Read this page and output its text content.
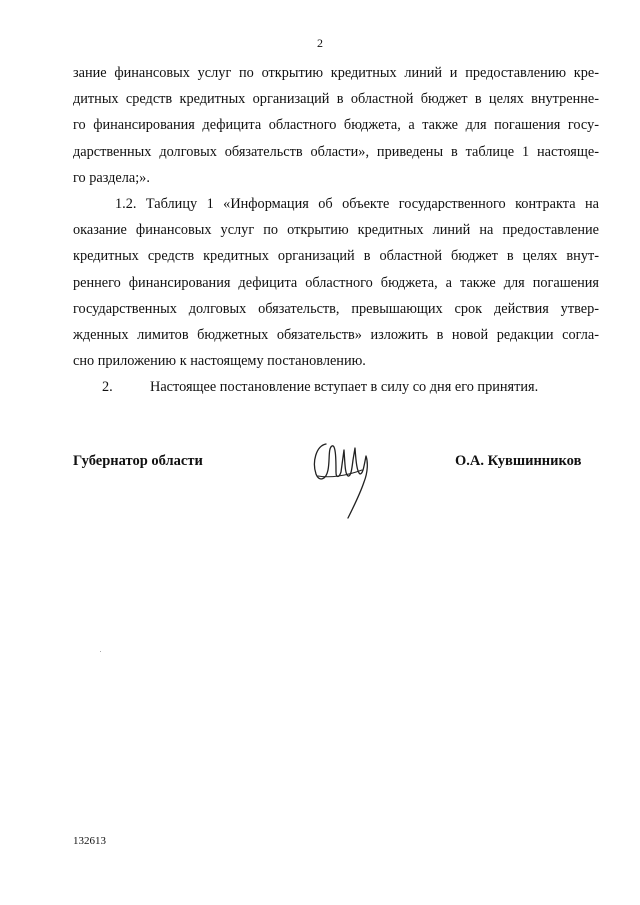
2
зание финансовых услуг по открытию кредитных линий и предоставлению кре-
дитных средств кредитных организаций в областной бюджет в целях внутренне-
го финансирования дефицита областного бюджета, а также для погашения госу-
дарственных долговых обязательств области», приведены в таблице 1 настояще-
го раздела;».
1.2. Таблицу 1 «Информация об объекте государственного контракта на
оказание финансовых услуг по открытию кредитных линий на предоставление
кредитных средств кредитных организаций в областной бюджет в целях внут-
реннего финансирования дефицита областного бюджета, а также для погашения
государственных долговых обязательств, превышающих срок действия утвер-
жденных лимитов бюджетных обязательств» изложить в новой редакции согла-
сно приложению к настоящему постановлению.
2.	Настоящее постановление вступает в силу со дня его принятия.
Губернатор области	О.А. Кувшинников
132613
